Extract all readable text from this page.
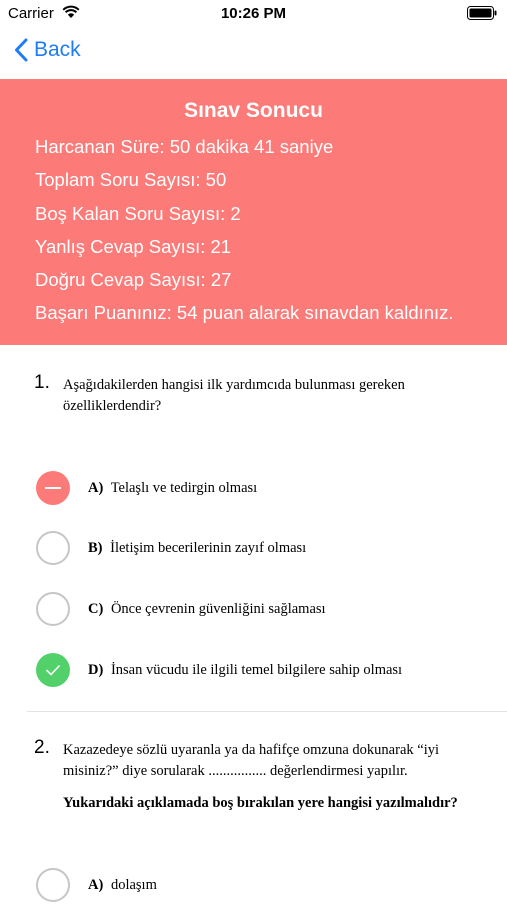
Carrier	10:26 PM
Back
Sınav Sonucu
Harcanan Süre: 50 dakika 41 saniye
Toplam Soru Sayısı: 50
Boş Kalan Soru Sayısı: 2
Yanlış Cevap Sayısı: 21
Doğru Cevap Sayısı: 27
Başarı Puanınız: 54 puan alarak sınavdan kaldınız.
1. Aşağıdakilerden hangisi ilk yardımcıda bulunması gereken
özelliklerdendir?
A) Telaşlı ve tedirgin olması
B) İletişim becerilerinin zayıf olması
C) Önce çevrenin güvenliğini sağlaması
D) İnsan vücudu ile ilgili temel bilgilere sahip olması
2. Kazazedeye sözlü uyaranla ya da hafifçe omzuna dokunarak “iyi
misiniz?” diye sorularak ................ değerlendirmesi yapılır.
Yukarıdaki açıklamada boş bırakılan yere hangisi yazılmalıdır?
A) dolaşım
